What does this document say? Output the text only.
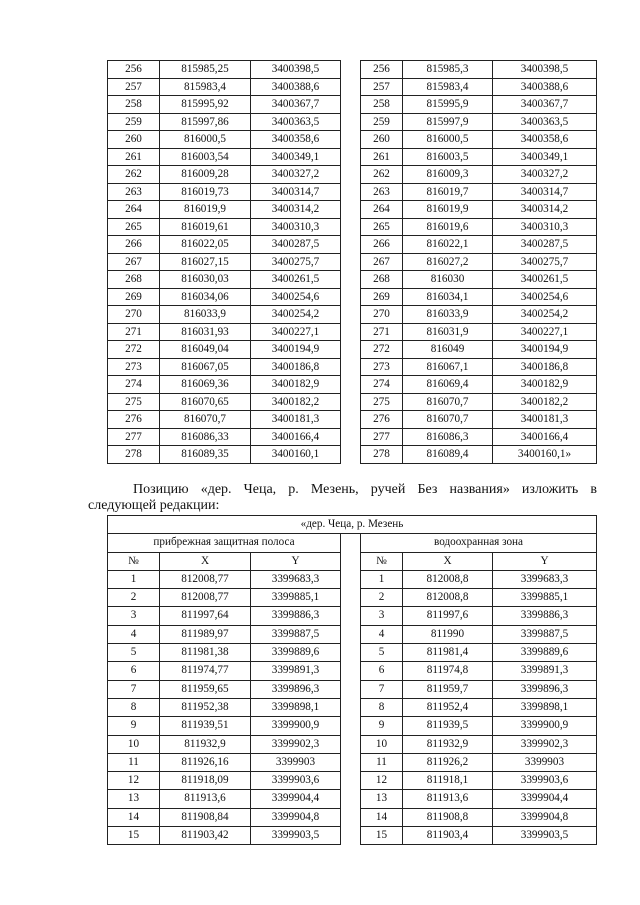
256	815985,25	3400398,5		256	815985,3	3400398,5
257	815983,4	3400388,6		257	815983,4	3400388,6
258	815995,92	3400367,7		258	815995,9	3400367,7
259	815997,86	3400363,5		259	815997,9	3400363,5
260	816000,5	3400358,6		260	816000,5	3400358,6
261	816003,54	3400349,1		261	816003,5	3400349,1
262	816009,28	3400327,2		262	816009,3	3400327,2
263	816019,73	3400314,7		263	816019,7	3400314,7
264	816019,9	3400314,2		264	816019,9	3400314,2
265	816019,61	3400310,3		265	816019,6	3400310,3
266	816022,05	3400287,5		266	816022,1	3400287,5
267	816027,15	3400275,7		267	816027,2	3400275,7
268	816030,03	3400261,5		268	816030	3400261,5
269	816034,06	3400254,6		269	816034,1	3400254,6
270	816033,9	3400254,2		270	816033,9	3400254,2
271	816031,93	3400227,1		271	816031,9	3400227,1
272	816049,04	3400194,9		272	816049	3400194,9
273	816067,05	3400186,8		273	816067,1	3400186,8
274	816069,36	3400182,9		274	816069,4	3400182,9
275	816070,65	3400182,2		275	816070,7	3400182,2
276	816070,7	3400181,3		276	816070,7	3400181,3
277	816086,33	3400166,4		277	816086,3	3400166,4
278	816089,35	3400160,1		278	816089,4	3400160,1»

Позицию «дер. Чеца, р. Мезень, ручей Без названия» изложить в

следующей редакции:

«дер. Чеца, р. Мезень						
прибрежная защитная полоса				водоохранная зона		
№	X	Y		№	X	Y
1	812008,77	3399683,3		1	812008,8	3399683,3
2	812008,77	3399885,1		2	812008,8	3399885,1
3	811997,64	3399886,3		3	811997,6	3399886,3
4	811989,97	3399887,5		4	811990	3399887,5
5	811981,38	3399889,6		5	811981,4	3399889,6
6	811974,77	3399891,3		6	811974,8	3399891,3
7	811959,65	3399896,3		7	811959,7	3399896,3
8	811952,38	3399898,1		8	811952,4	3399898,1
9	811939,51	3399900,9		9	811939,5	3399900,9
10	811932,9	3399902,3		10	811932,9	3399902,3
11	811926,16	3399903		11	811926,2	3399903
12	811918,09	3399903,6		12	811918,1	3399903,6
13	811913,6	3399904,4		13	811913,6	3399904,4
14	811908,84	3399904,8		14	811908,8	3399904,8
15	811903,42	3399903,5		15	811903,4	3399903,5
